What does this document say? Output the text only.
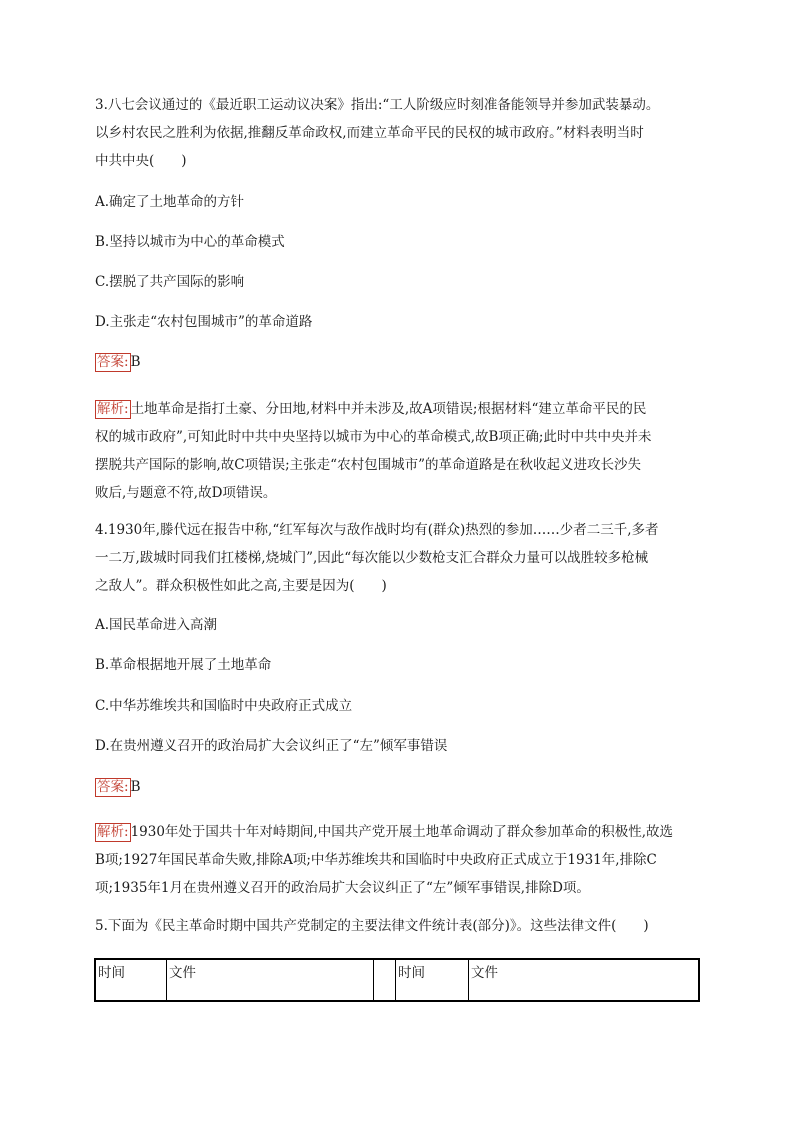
3.八七会议通过的《最近职工运动议决案》指出:“工人阶级应时刻准备能领导并参加武装暴动。
以乡村农民之胜利为依据,推翻反革命政权,而建立革命平民的民权的城市政府。”材料表明当时
中共中央(　　)

A.确定了土地革命的方针

B.坚持以城市为中心的革命模式

C.摆脱了共产国际的影响

D.主张走“农村包围城市”的革命道路

答案: B

解析: 土地革命是指打土豪、分田地,材料中并未涉及,故A项错误;根据材料“建立革命平民的民
权的城市政府”,可知此时中共中央坚持以城市为中心的革命模式,故B项正确;此时中共中央并未
摆脱共产国际的影响,故C项错误;主张走“农村包围城市”的革命道路是在秋收起义进攻长沙失
败后,与题意不符,故D项错误。

4.1930年,滕代远在报告中称,“红军每次与敌作战时均有(群众)热烈的参加……少者二三千,多者
一二万,跋城时同我们扛楼梯,烧城门”,因此“每次能以少数枪支汇合群众力量可以战胜较多枪械
之敌人”。群众积极性如此之高,主要是因为(　　)

A.国民革命进入高潮

B.革命根据地开展了土地革命

C.中华苏维埃共和国临时中央政府正式成立

D.在贵州遵义召开的政治局扩大会议纠正了“左”倾军事错误

答案: B

解析: 1930年处于国共十年对峙期间,中国共产党开展土地革命调动了群众参加革命的积极性,故选
B项;1927年国民革命失败,排除A项;中华苏维埃共和国临时中央政府正式成立于1931年,排除C
项;1935年1月在贵州遵义召开的政治局扩大会议纠正了“左”倾军事错误,排除D项。

5.下面为《民主革命时期中国共产党制定的主要法律文件统计表(部分)》。这些法律文件(　　)

时间	文件		时间	文件
